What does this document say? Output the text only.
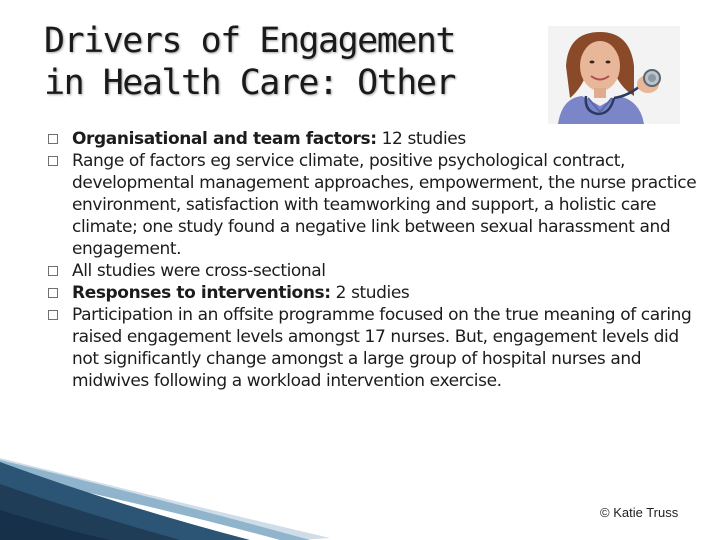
Drivers of Engagement
in Health Care: Other
Organisational and team factors: 12 studies
Range of factors eg service climate, positive psychological contract, developmental management approaches, empowerment, the nurse practice environment, satisfaction with teamworking and support, a holistic care climate; one study found a negative link between sexual harassment and engagement.
All studies were cross-sectional
Responses to interventions: 2 studies
Participation in an offsite programme focused on the true meaning of caring raised engagement levels amongst 17 nurses. But, engagement levels did not significantly change amongst a large group of hospital nurses and midwives following a workload intervention exercise.
© Katie Truss
